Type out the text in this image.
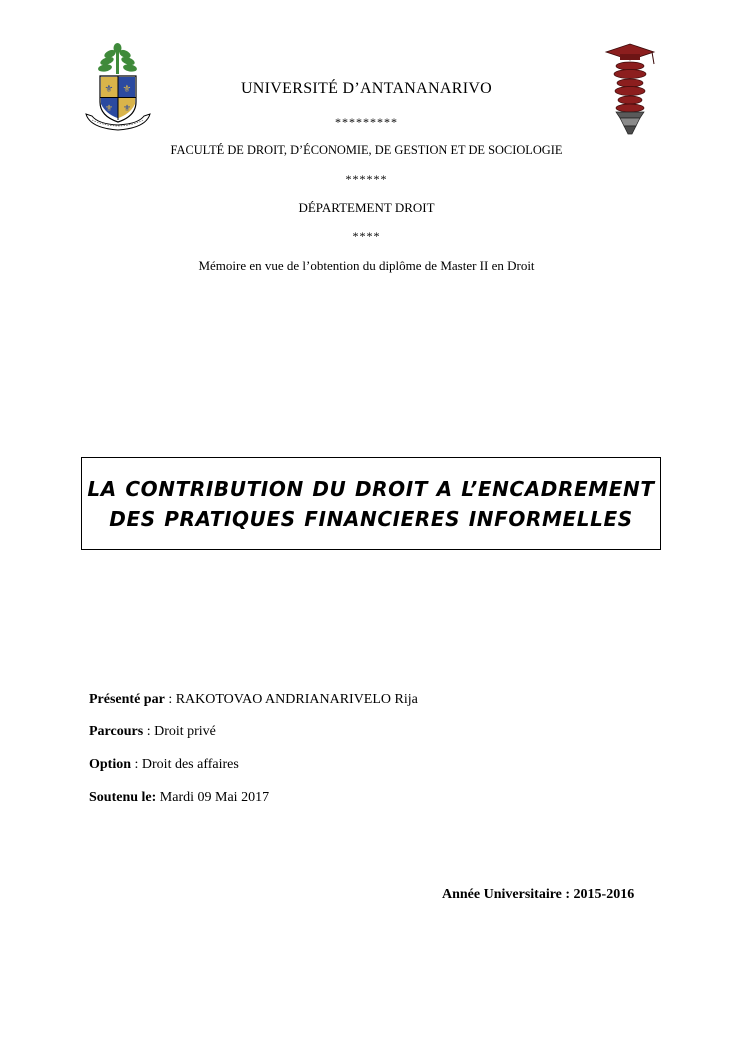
⚜ ⚜
⚜ ⚜
UNIVERSITÉ D’ANTANANARIVO
*********
FACULTÉ DE DROIT, D’ÉCONOMIE, DE GESTION ET DE SOCIOLOGIE
******
DÉPARTEMENT DROIT
****
Mémoire en vue de l’obtention du diplôme de Master II en Droit
LA CONTRIBUTION DU DROIT A L’ENCADREMENT
DES PRATIQUES FINANCIERES INFORMELLES
Présenté par : RAKOTOVAO ANDRIANARIVELO Rija
Parcours : Droit privé
Option : Droit des affaires
Soutenu le: Mardi 09 Mai 2017
Année Universitaire : 2015-2016
